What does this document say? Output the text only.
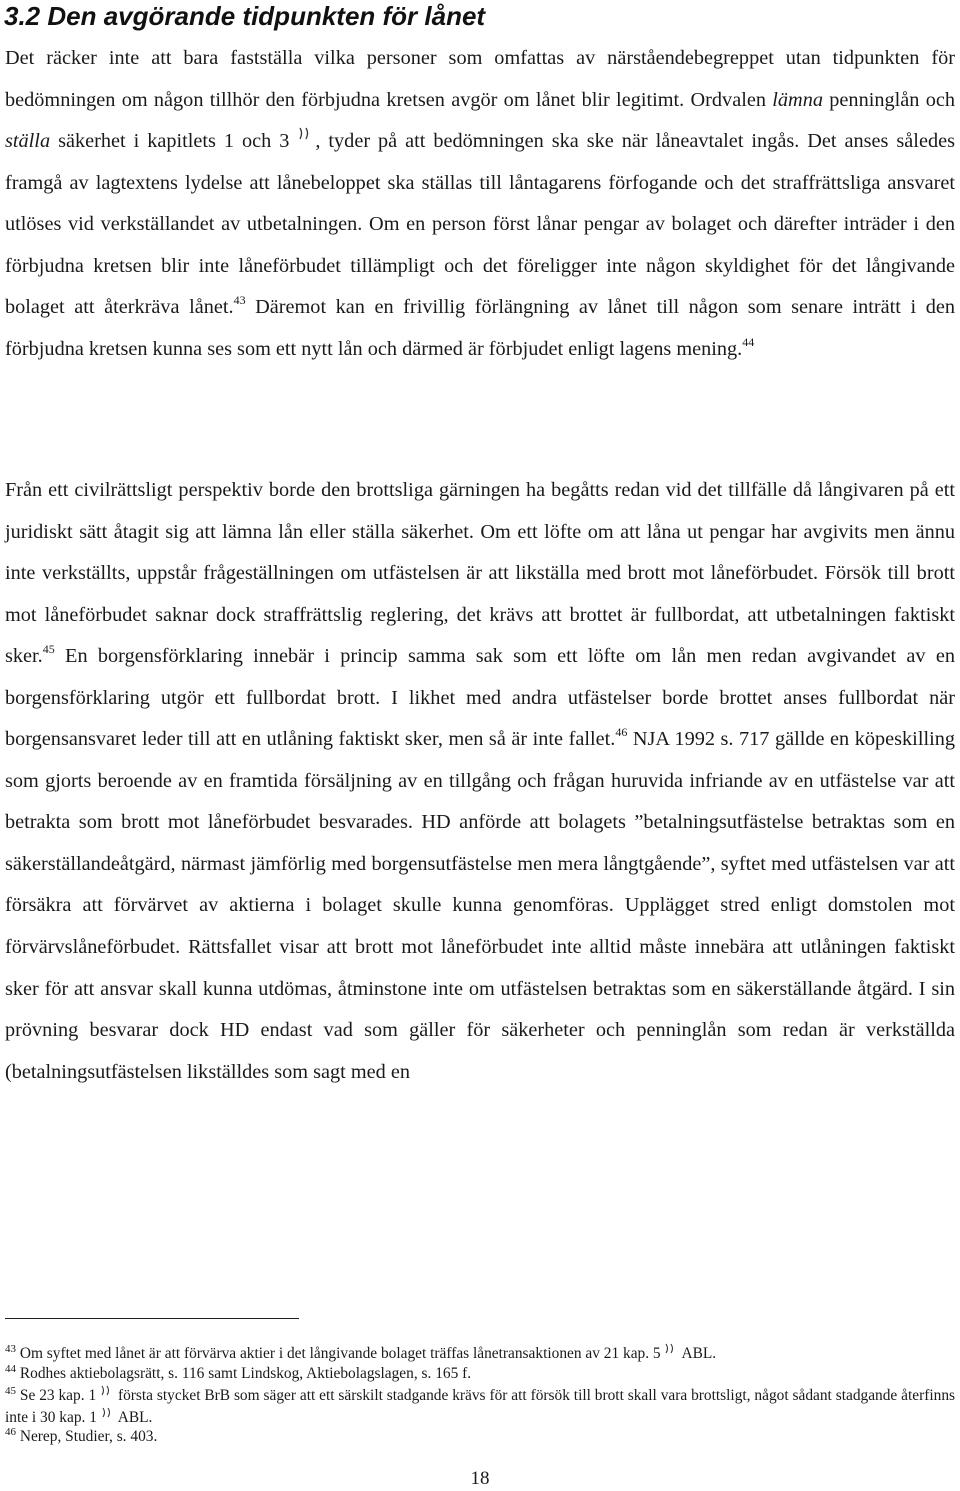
3.2 Den avgörande tidpunkten för lånet

Det räcker inte att bara fastställa vilka personer som omfattas av närståendebegreppet utan tidpunkten för bedömningen om någon tillhör den förbjudna kretsen avgör om lånet blir legitimt. Ordvalen lämna penninglån och ställa säkerhet i kapitlets 1 och 3 , tyder på att bedömningen ska ske när låneavtalet ingås. Det anses således framgå av lagtextens lydelse att lånebeloppet ska ställas till låntagarens förfogande och det straffrättsliga ansvaret utlöses vid verkställandet av utbetalningen. Om en person först lånar pengar av bolaget och därefter inträder i den förbjudna kretsen blir inte låneförbudet tillämpligt och det föreligger inte någon skyldighet för det långivande bolaget att återkräva lånet.$^{43}$ Däremot kan en frivillig förlängning av lånet till någon som senare inträtt i den förbjudna kretsen kunna ses som ett nytt lån och därmed är förbjudet enligt lagens mening.$^{44}$

Från ett civilrättsligt perspektiv borde den brottsliga gärningen ha begåtts redan vid det tillfälle då långivaren på ett juridiskt sätt åtagit sig att lämna lån eller ställa säkerhet. Om ett löfte om att låna ut pengar har avgivits men ännu inte verkställts, uppstår frågeställningen om utfästelsen är att likställa med brott mot låneförbudet. Försök till brott mot låneförbudet saknar dock straffrättslig reglering, det krävs att brottet är fullbordat, att utbetalningen faktiskt sker.$^{45}$ En borgensförklaring innebär i princip samma sak som ett löfte om lån men redan avgivandet av en borgensförklaring utgör ett fullbordat brott. I likhet med andra utfästelser borde brottet anses fullbordat när borgensansvaret leder till att en utlåning faktiskt sker, men så är inte fallet.$^{46}$ NJA 1992 s. 717 gällde en köpeskilling som gjorts beroende av en framtida försäljning av en tillgång och frågan huruvida infriande av en utfästelse var att betrakta som brott mot låneförbudet besvarades. HD anförde att bolagets ”betalningsutfästelse betraktas som en säkerställandeåtgärd, närmast jämförlig med borgensutfästelse men mera långtgående”, syftet med utfästelsen var att försäkra att förvärvet av aktierna i bolaget skulle kunna genomföras. Upplägget stred enligt domstolen mot förvärvslåneförbudet. Rättsfallet visar att brott mot låneförbudet inte alltid måste innebära att utlåningen faktiskt sker för att ansvar skall kunna utdömas, åtminstone inte om utfästelsen betraktas som en säkerställande åtgärd. I sin prövning besvarar dock HD endast vad som gäller för säkerheter och penninglån som redan är verkställda (betalningsutfästelsen likställdes som sagt med en

$^{43}$ Om syftet med lånet är att förvärva aktier i det långivande bolaget träffas lånetransaktionen av 21 kap. 5  ABL.

$^{44}$ Rodhes aktiebolagsrätt, s. 116 samt Lindskog, Aktiebolagslagen, s. 165 f.

$^{45}$ Se 23 kap. 1  första stycket BrB som säger att ett särskilt stadgande krävs för att försök till brott skall vara brottsligt, något sådant stadgande återfinns inte i 30 kap. 1  ABL.

$^{46}$ Nerep, Studier, s. 403.

18
